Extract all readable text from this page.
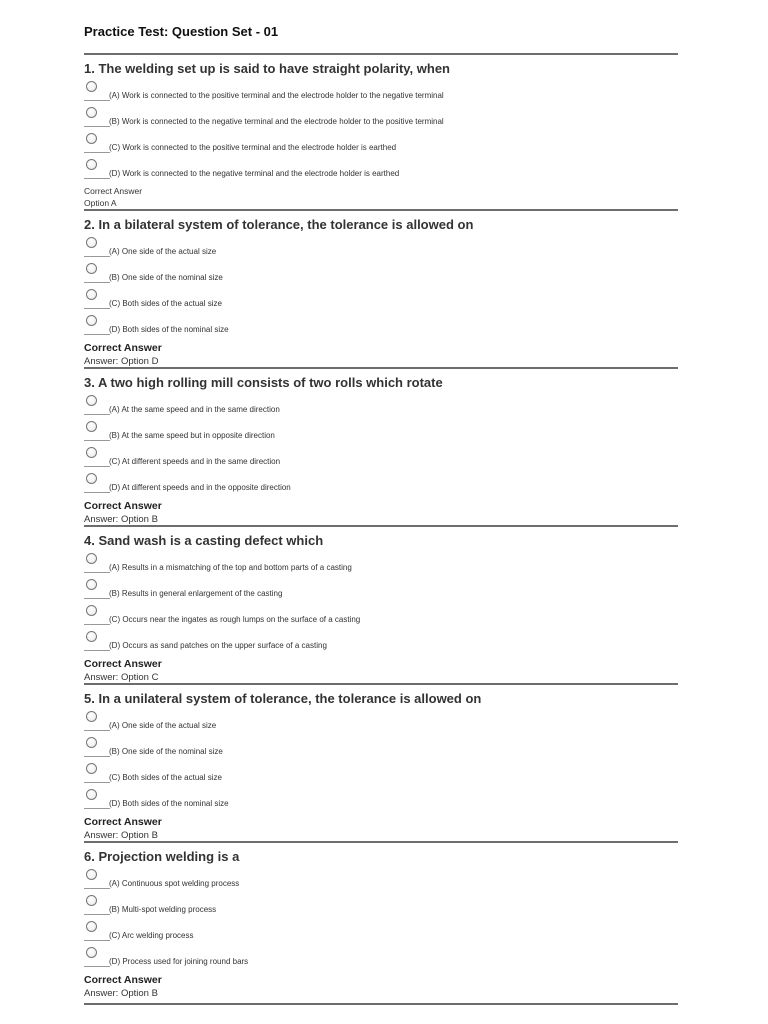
Practice Test: Question Set - 01
1. The welding set up is said to have straight polarity, when
(A) Work is connected to the positive terminal and the electrode holder to the negative terminal
(B) Work is connected to the negative terminal and the electrode holder to the positive terminal
(C) Work is connected to the positive terminal and the electrode holder is earthed
(D) Work is connected to the negative terminal and the electrode holder is earthed
Correct Answer
Option A
2. In a bilateral system of tolerance, the tolerance is allowed on
(A) One side of the actual size
(B) One side of the nominal size
(C) Both sides of the actual size
(D) Both sides of the nominal size
Correct Answer
Answer: Option D
3. A two high rolling mill consists of two rolls which rotate
(A) At the same speed and in the same direction
(B) At the same speed but in opposite direction
(C) At different speeds and in the same direction
(D) At different speeds and in the opposite direction
Correct Answer
Answer: Option B
4. Sand wash is a casting defect which
(A) Results in a mismatching of the top and bottom parts of a casting
(B) Results in general enlargement of the casting
(C) Occurs near the ingates as rough lumps on the surface of a casting
(D) Occurs as sand patches on the upper surface of a casting
Correct Answer
Answer: Option C
5. In a unilateral system of tolerance, the tolerance is allowed on
(A) One side of the actual size
(B) One side of the nominal size
(C) Both sides of the actual size
(D) Both sides of the nominal size
Correct Answer
Answer: Option B
6. Projection welding is a
(A) Continuous spot welding process
(B) Multi-spot welding process
(C) Arc welding process
(D) Process used for joining round bars
Correct Answer
Answer: Option B
